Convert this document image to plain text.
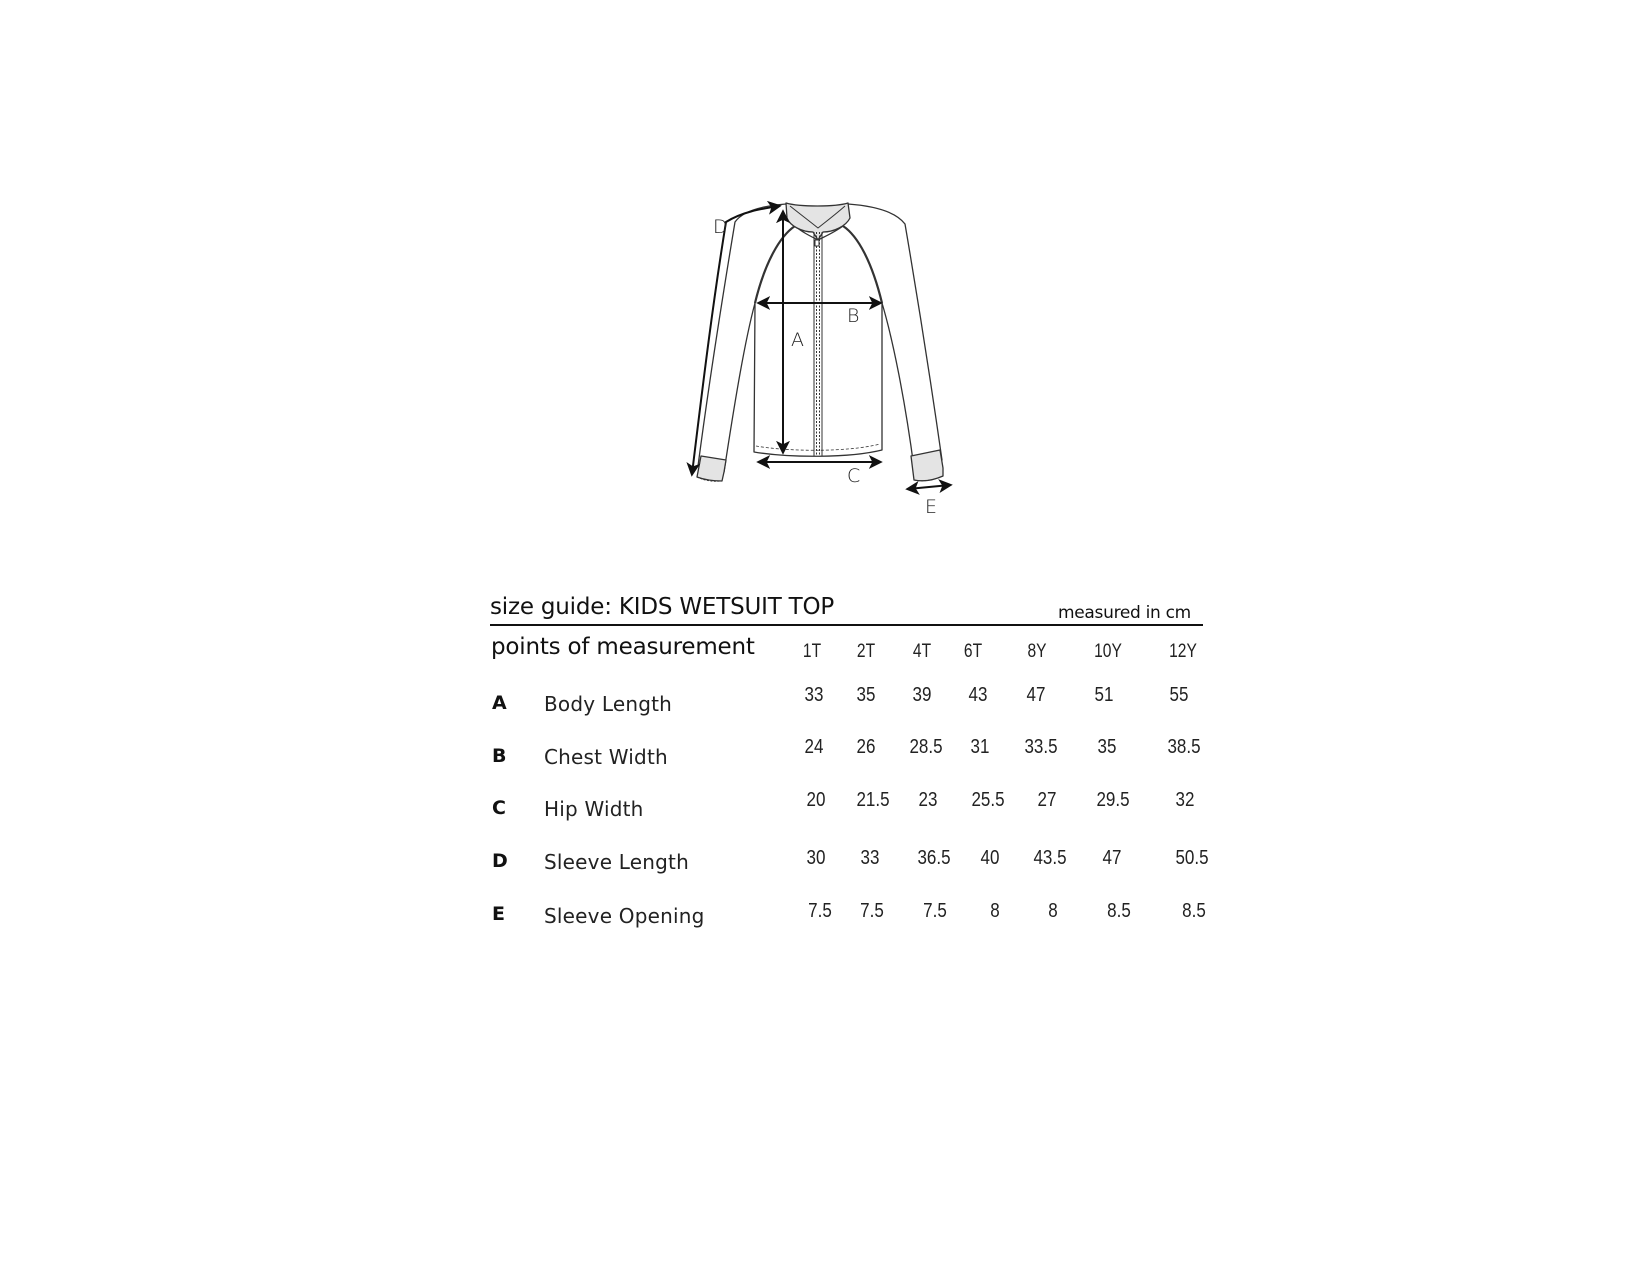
D
A
B
C
E
size guide: KIDS WETSUIT TOP	measured in cm
points of measurement	1T 2T 4T 6T 8Y	10Y 12Y
A Body Length	33 35 39 43 47 51	55
B Chest Width	24 26 28.5 31 33.5 35	38.5
C Hip Width	20 21.5 23 25.5 27 29.5 32
D Sleeve Length	30 33 36.5 40 43.5 47	50.5
E Sleeve Opening	7.5 7.5 7.5 8 8 8.5	8.5
